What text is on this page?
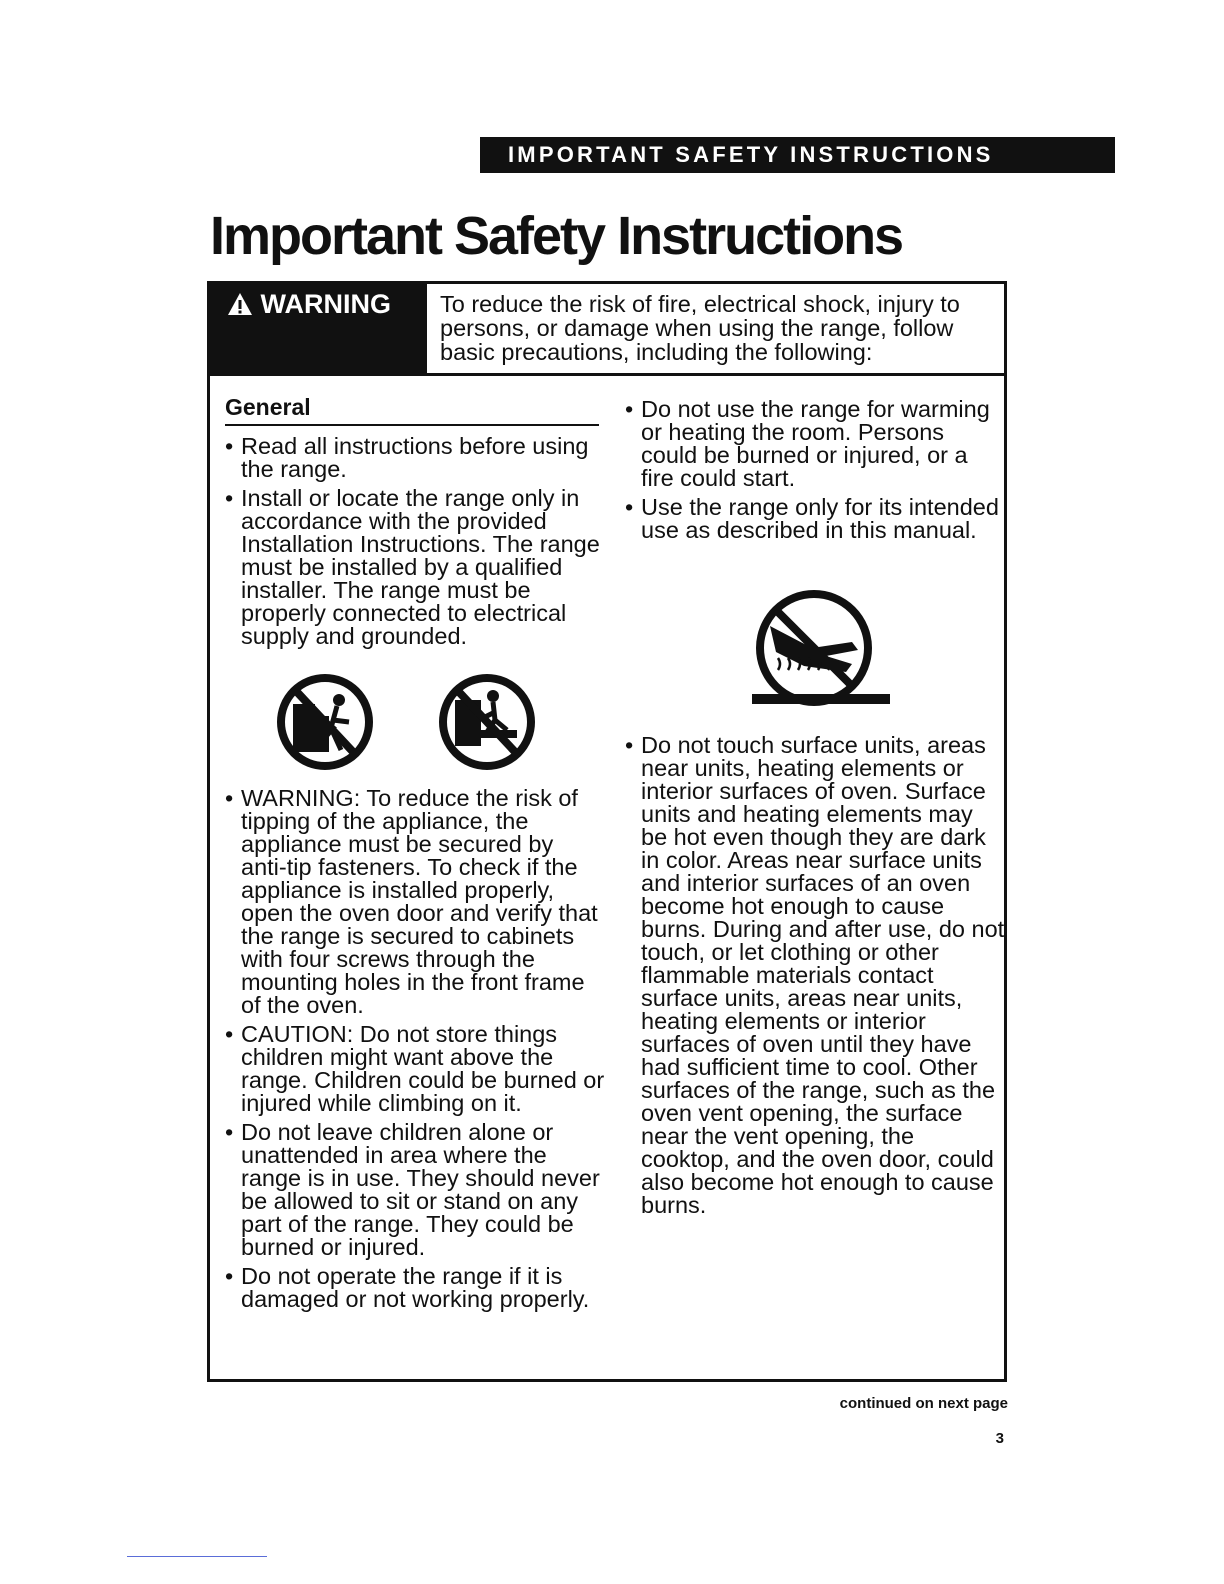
IMPORTANT SAFETY INSTRUCTIONS
Important Safety Instructions
WARNING	To reduce the risk of fire, electrical shock, injury to persons, or damage when using the range, follow basic precautions, including the following:

General
• Read all instructions before using the range.
• Install or locate the range only in accordance with the provided Installation Instructions. The range must be installed by a qualified installer. The range must be properly connected to electrical supply and grounded.
• WARNING: To reduce the risk of tipping of the appliance, the appliance must be secured by anti-tip fasteners. To check if the appliance is installed properly, open the oven door and verify that the range is secured to cabinets with four screws through the mounting holes in the front frame of the oven.
• CAUTION: Do not store things children might want above the range. Children could be burned or injured while climbing on it.
• Do not leave children alone or unattended in area where the range is in use. They should never be allowed to sit or stand on any part of the range. They could be burned or injured.
• Do not operate the range if it is damaged or not working properly.
• Do not use the range for warming or heating the room. Persons could be burned or injured, or a fire could start.
• Use the range only for its intended use as described in this manual.
• Do not touch surface units, areas near units, heating elements or interior surfaces of oven. Surface units and heating elements may be hot even though they are dark in color. Areas near surface units and interior surfaces of an oven become hot enough to cause burns. During and after use, do not touch, or let clothing or other flammable materials contact surface units, areas near units, heating elements or interior surfaces of oven until they have had sufficient time to cool. Other surfaces of the range, such as the oven vent opening, the surface near the vent opening, the cooktop, and the oven door, could also become hot enough to cause burns.
continued on next page
3
